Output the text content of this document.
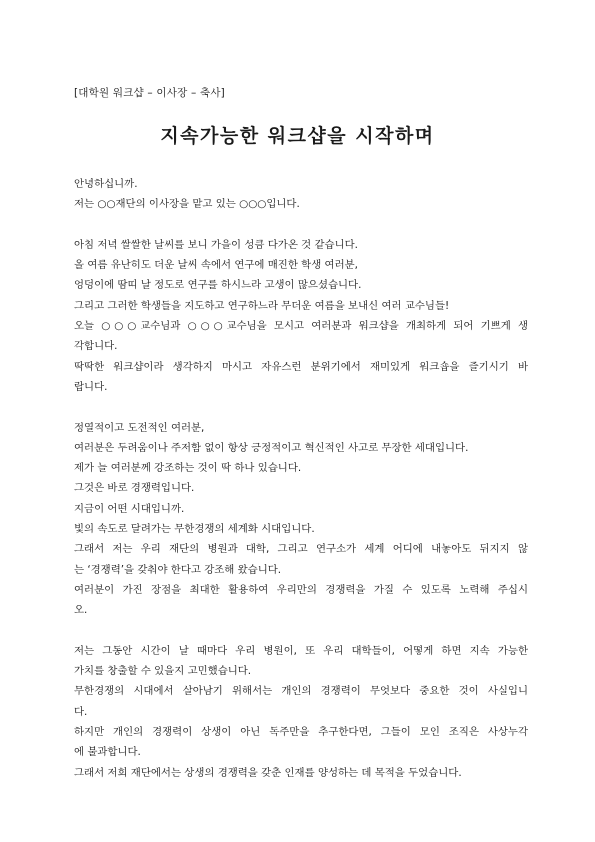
[대학원 워크샵 – 이사장 – 축사]
지속가능한 워크샵을 시작하며
안녕하십니까.
저는 ○○재단의 이사장을 맡고 있는 ○○○입니다.
아침 저녁 쌀쌀한 날씨를 보니 가을이 성큼 다가온 것 같습니다.
올 여름 유난히도 더운 날씨 속에서 연구에 매진한 학생 여러분,
엉덩이에 땀띠 날 정도로 연구를 하시느라 고생이 많으셨습니다.
그리고 그러한 학생들을 지도하고 연구하느라 무더운 여름을 보내신 여러 교수님들!
오늘 ○○○교수님과 ○○○교수님을 모시고 여러분과 워크샵을 개최하게 되어 기쁘게 생
각합니다.
딱딱한 워크샵이라 생각하지 마시고 자유스런 분위기에서 재미있게 워크숍을 즐기시기 바
랍니다.
정열적이고 도전적인 여러분,
여러분은 두려움이나 주저함 없이 항상 긍정적이고 혁신적인 사고로 무장한 세대입니다.
제가 늘 여러분께 강조하는 것이 딱 하나 있습니다.
그것은 바로 경쟁력입니다.
지금이 어떤 시대입니까.
빛의 속도로 달려가는 무한경쟁의 세계화 시대입니다.
그래서 저는 우리 재단의 병원과 대학, 그리고 연구소가 세계 어디에 내놓아도 뒤지지 않
는 ‘경쟁력’을 갖춰야 한다고 강조해 왔습니다.
여러분이 가진 장점을 최대한 활용하여 우리만의 경쟁력을 가질 수 있도록 노력해 주십시
오.
저는 그동안 시간이 날 때마다 우리 병원이, 또 우리 대학들이, 어떻게 하면 지속 가능한
가치를 창출할 수 있을지 고민했습니다.
무한경쟁의 시대에서 살아남기 위해서는 개인의 경쟁력이 무엇보다 중요한 것이 사실입니
다.
하지만 개인의 경쟁력이 상생이 아닌 독주만을 추구한다면, 그들이 모인 조직은 사상누각
에 불과합니다.
그래서 저희 재단에서는 상생의 경쟁력을 갖춘 인재를 양성하는 데 목적을 두었습니다.
